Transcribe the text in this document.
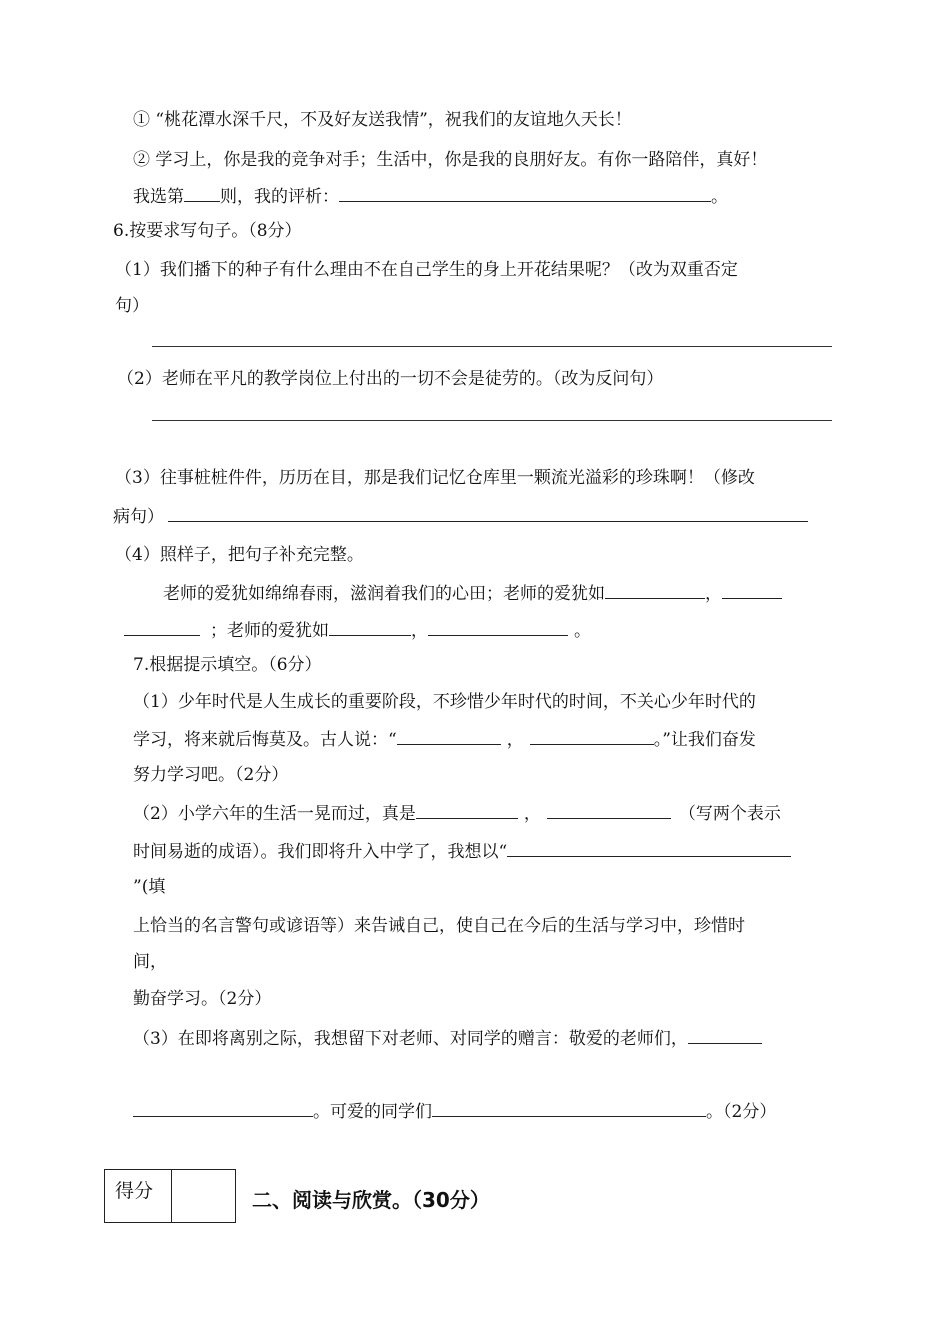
① “桃花潭水深千尺，不及好友送我情”，祝我们的友谊地久天长！
② 学习上，你是我的竞争对手；生活中，你是我的良朋好友。有你一路陪伴，真好！
我选第 则，我的评析：	。
6.按要求写句子。（8分）
（1）我们播下的种子有什么理由不在自己学生的身上开花结果呢？（改为双重否定
句）
（2）老师在平凡的教学岗位上付出的一切不会是徒劳的。（改为反问句）
（3）往事桩桩件件，历历在目，那是我们记忆仓库里一颗流光溢彩的珍珠啊！（修改
病句）
（4）照样子，把句子补充完整。
老师的爱犹如绵绵春雨，滋润着我们的心田；老师的爱犹如	，
；老师的爱犹如	，	。
7.根据提示填空。（6分）
（1）少年时代是人生成长的重要阶段，不珍惜少年时代的时间，不关心少年时代的
学习，将来就后悔莫及。古人说：“	，	。”让我们奋发
努力学习吧。（2分）
（2）小学六年的生活一晃而过，真是	，	（写两个表示
时间易逝的成语）。我们即将升入中学了，我想以“
”(填
上恰当的名言警句或谚语等）来告诫自己，使自己在今后的生活与学习中，珍惜时
间，
勤奋学习。（2分）
（3）在即将离别之际，我想留下对老师、对同学的赠言：敬爱的老师们，
。可爱的同学们	。（2分）
得分	二、阅读与欣赏。（30分）
